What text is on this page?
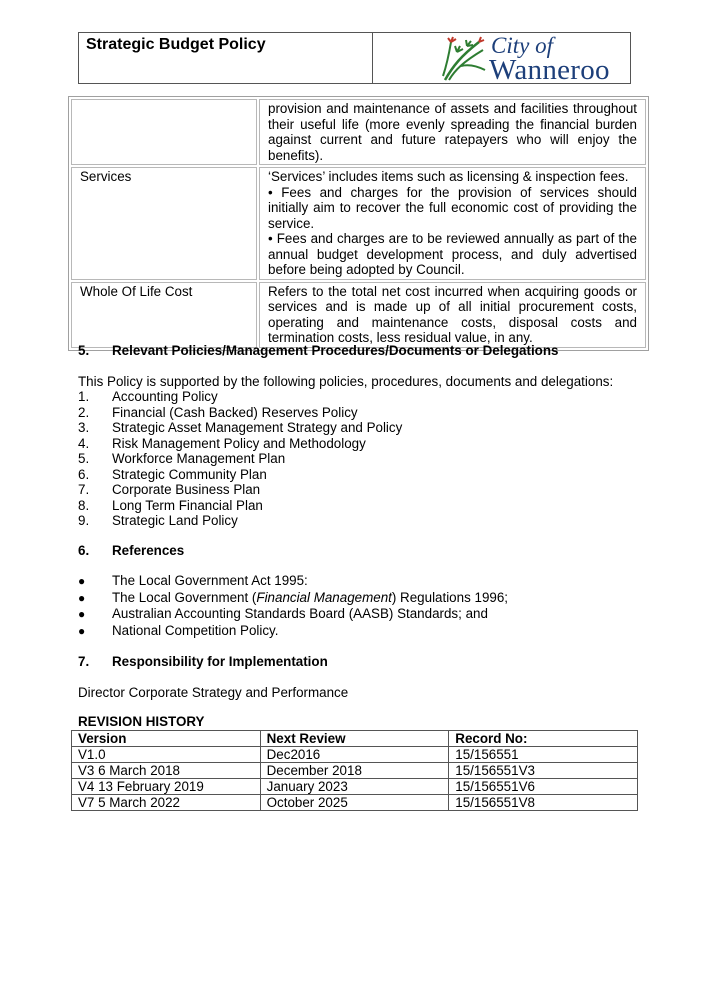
Strategic Budget Policy	City of
Wanneroo
	provision and maintenance of assets and facilities throughout their useful life (more evenly spreading the financial burden against current and future ratepayers who will enjoy the benefits).
Services	‘Services’ includes items such as licensing & inspection fees.
• Fees and charges for the provision of services should initially aim to recover the full economic cost of providing the service.
• Fees and charges are to be reviewed annually as part of the annual budget development process, and duly advertised before being adopted by Council.

Whole Of Life Cost	Refers to the total net cost incurred when acquiring goods or services and is made up of all initial procurement costs, operating and maintenance costs, disposal costs and termination costs, less residual value, in any.
5. Relevant Policies/Management Procedures/Documents or Delegations
This Policy is supported by the following policies, procedures, documents and delegations:
1. Accounting Policy
2. Financial (Cash Backed) Reserves Policy
3. Strategic Asset Management Strategy and Policy
4. Risk Management Policy and Methodology
5. Workforce Management Plan
6. Strategic Community Plan
7. Corporate Business Plan
8. Long Term Financial Plan
9. Strategic Land Policy
6. References
● The Local Government Act 1995:
● The Local Government (Financial Management) Regulations 1996;
● Australian Accounting Standards Board (AASB) Standards; and
● National Competition Policy.
7. Responsibility for Implementation
Director Corporate Strategy and Performance
REVISION HISTORY
Version	Next Review	Record No:
V1.0	Dec2016	15/156551
V3 6 March 2018	December 2018	15/156551V3
V4 13 February 2019	January 2023	15/156551V6
V7 5 March 2022	October 2025	15/156551V8
